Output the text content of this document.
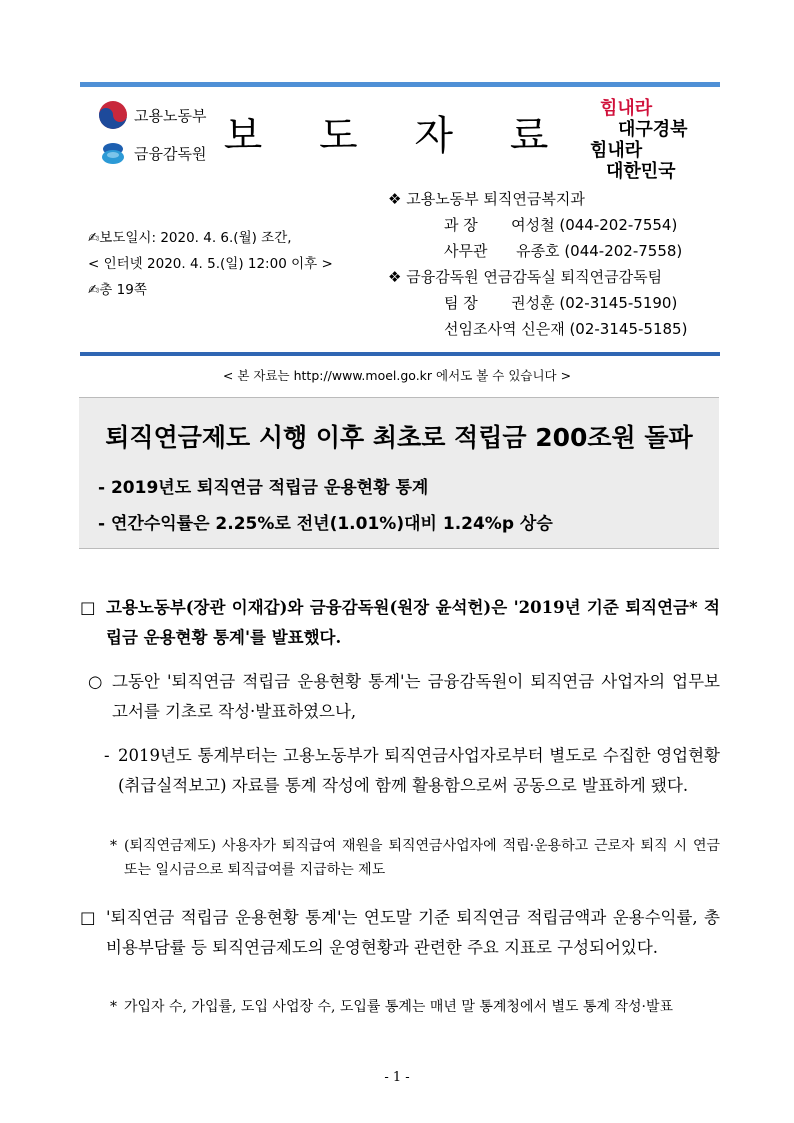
고용노동부
금융감독원 보 도 자 료
힘내라
대구경북
힘내라
대한민국
✍보도일시: 2020. 4. 6.(월) 조간,
< 인터넷 2020. 4. 5.(일) 12:00 이후 >
✍총 19쪽
❖ 고용노동부 퇴직연금복지과
과 장       여성철 (044-202-7554)
사무관      유종호 (044-202-7558)
❖ 금융감독원 연금감독실 퇴직연금감독팀
팀 장       권성훈 (02-3145-5190)
선임조사역 신은재 (02-3145-5185)
< 본 자료는 http://www.moel.go.kr 에서도 볼 수 있습니다 >
퇴직연금제도 시행 이후 최초로 적립금 200조원 돌파
- 2019년도 퇴직연금 적립금 운용현황 통계
- 연간수익률은 2.25%로 전년(1.01%)대비 1.24%p 상승
□ 고용노동부(장관 이재갑)와 금융감독원(원장 윤석헌)은 '2019년 기준 퇴직연금* 적립금 운용현황 통계'를 발표했다.
○ 그동안 '퇴직연금 적립금 운용현황 통계'는 금융감독원이 퇴직연금 사업자의 업무보고서를 기초로 작성·발표하였으나,
- 2019년도 통계부터는 고용노동부가 퇴직연금사업자로부터 별도로 수집한 영업현황(취급실적보고) 자료를 통계 작성에 함께 활용함으로써 공동으로 발표하게 됐다.
* (퇴직연금제도) 사용자가 퇴직급여 재원을 퇴직연금사업자에 적립·운용하고 근로자 퇴직 시 연금 또는 일시금으로 퇴직급여를 지급하는 제도
□ '퇴직연금 적립금 운용현황 통계'는 연도말 기준 퇴직연금 적립금액과 운용수익률, 총비용부담률 등 퇴직연금제도의 운영현황과 관련한 주요 지표로 구성되어있다.
* 가입자 수, 가입률, 도입 사업장 수, 도입률 통계는 매년 말 통계청에서 별도 통계 작성·발표
- 1 -
